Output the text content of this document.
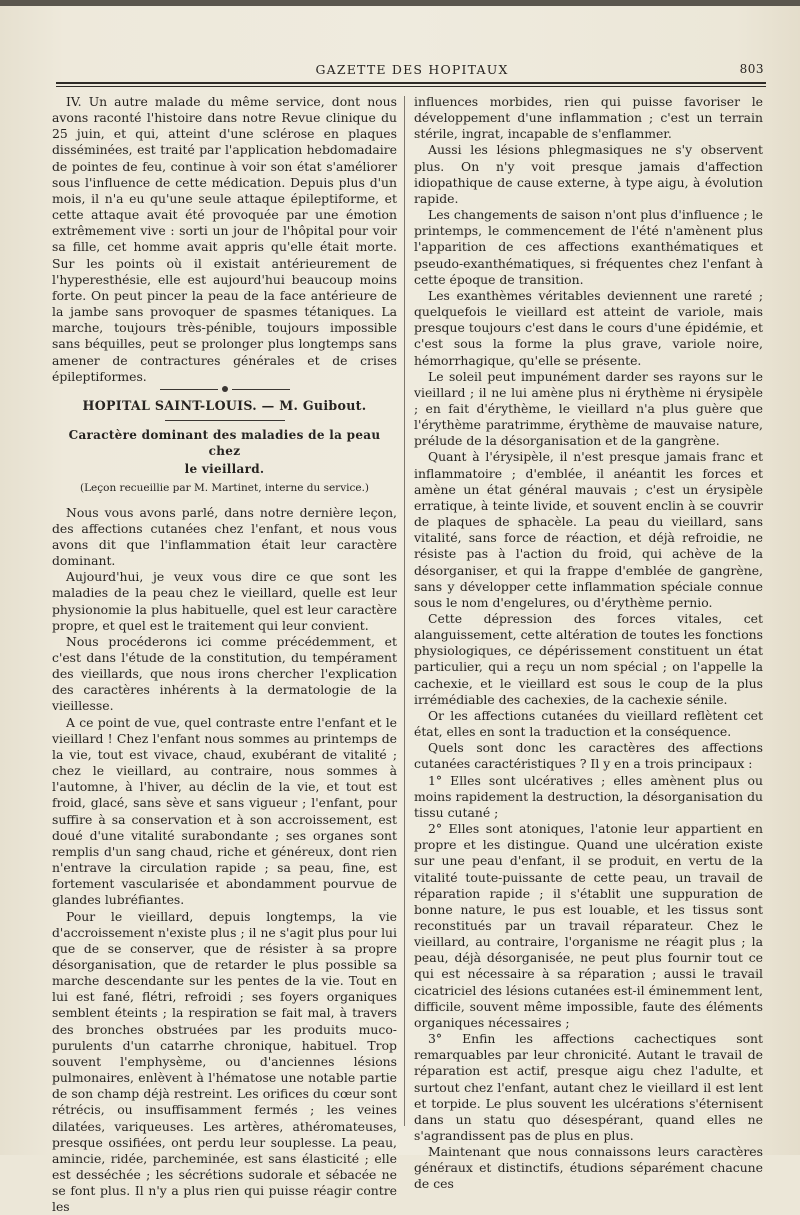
GAZETTE DES HOPITAUX	803

IV. Un autre malade du même service, dont nous avons raconté l'histoire dans notre Revue clinique du 25 juin, et qui, atteint d'une sclérose en plaques disséminées, est traité par l'application hebdomadaire de pointes de feu, continue à voir son état s'améliorer sous l'influence de cette médication. Depuis plus d'un mois, il n'a eu qu'une seule attaque épileptiforme, et cette attaque avait été provoquée par une émotion extrêmement vive : sorti un jour de l'hôpital pour voir sa fille, cet homme avait appris qu'elle était morte. Sur les points où il existait antérieurement de l'hyperesthésie, elle est aujourd'hui beaucoup moins forte. On peut pincer la peau de la face antérieure de la jambe sans provoquer de spasmes tétaniques. La marche, toujours très-pénible, toujours impossible sans béquilles, peut se prolonger plus longtemps sans amener de contractures générales et de crises épileptiformes.

HOPITAL SAINT-LOUIS. — M. Guibout.
Caractère dominant des maladies de la peau chez
le vieillard.
(Leçon recueillie par M. Martinet, interne du service.)

Nous vous avons parlé, dans notre dernière leçon, des affections cutanées chez l'enfant, et nous vous avons dit que l'inflammation était leur caractère dominant.

Aujourd'hui, je veux vous dire ce que sont les maladies de la peau chez le vieillard, quelle est leur physionomie la plus habituelle, quel est leur caractère propre, et quel est le traitement qui leur convient.

Nous procéderons ici comme précédemment, et c'est dans l'étude de la constitution, du tempérament des vieillards, que nous irons chercher l'explication des caractères inhérents à la dermatologie de la vieillesse.

A ce point de vue, quel contraste entre l'enfant et le vieillard ! Chez l'enfant nous sommes au printemps de la vie, tout est vivace, chaud, exubérant de vitalité ; chez le vieillard, au contraire, nous sommes à l'automne, à l'hiver, au déclin de la vie, et tout est froid, glacé, sans sève et sans vigueur ; l'enfant, pour suffire à sa conservation et à son accroissement, est doué d'une vitalité surabondante ; ses organes sont remplis d'un sang chaud, riche et généreux, dont rien n'entrave la circulation rapide ; sa peau, fine, est fortement vascularisée et abondamment pourvue de glandes lubréfiantes.

Pour le vieillard, depuis longtemps, la vie d'accroissement n'existe plus ; il ne s'agit plus pour lui que de se conserver, que de résister à sa propre désorganisation, que de retarder le plus possible sa marche descendante sur les pentes de la vie. Tout en lui est fané, flétri, refroidi ; ses foyers organiques semblent éteints ; la respiration se fait mal, à travers des bronches obstruées par les produits muco-purulents d'un catarrhe chronique, habituel. Trop souvent l'emphysème, ou d'anciennes lésions pulmonaires, enlèvent à l'hématose une notable partie de son champ déjà restreint. Les orifices du cœur sont rétrécis, ou insuffisamment fermés ; les veines dilatées, variqueuses. Les artères, athéromateuses, presque ossifiées, ont perdu leur souplesse. La peau, amincie, ridée, parcheminée, est sans élasticité ; elle est desséchée ; les sécrétions sudorale et sébacée ne se font plus. Il n'y a plus rien qui puisse réagir contre les

influences morbides, rien qui puisse favoriser le développement d'une inflammation ; c'est un terrain stérile, ingrat, incapable de s'enflammer.

Aussi les lésions phlegmasiques ne s'y observent plus. On n'y voit presque jamais d'affection idiopathique de cause externe, à type aigu, à évolution rapide.

Les changements de saison n'ont plus d'influence ; le printemps, le commencement de l'été n'amènent plus l'apparition de ces affections exanthématiques et pseudo-exanthématiques, si fréquentes chez l'enfant à cette époque de transition.

Les exanthèmes véritables deviennent une rareté ; quelquefois le vieillard est atteint de variole, mais presque toujours c'est dans le cours d'une épidémie, et c'est sous la forme la plus grave, variole noire, hémorrhagique, qu'elle se présente.

Le soleil peut impunément darder ses rayons sur le vieillard ; il ne lui amène plus ni érythème ni érysipèle ; en fait d'érythème, le vieillard n'a plus guère que l'érythème paratrimme, érythème de mauvaise nature, prélude de la désorganisation et de la gangrène.

Quant à l'érysipèle, il n'est presque jamais franc et inflammatoire ; d'emblée, il anéantit les forces et amène un état général mauvais ; c'est un érysipèle erratique, à teinte livide, et souvent enclin à se couvrir de plaques de sphacèle. La peau du vieillard, sans vitalité, sans force de réaction, et déjà refroidie, ne résiste pas à l'action du froid, qui achève de la désorganiser, et qui la frappe d'emblée de gangrène, sans y développer cette inflammation spéciale connue sous le nom d'engelures, ou d'érythème pernio.

Cette dépression des forces vitales, cet alanguissement, cette altération de toutes les fonctions physiologiques, ce dépérissement constituent un état particulier, qui a reçu un nom spécial ; on l'appelle la cachexie, et le vieillard est sous le coup de la plus irrémédiable des cachexies, de la cachexie sénile.

Or les affections cutanées du vieillard reflètent cet état, elles en sont la traduction et la conséquence.

Quels sont donc les caractères des affections cutanées caractéristiques ? Il y en a trois principaux :

1° Elles sont ulcératives ; elles amènent plus ou moins rapidement la destruction, la désorganisation du tissu cutané ;

2° Elles sont atoniques, l'atonie leur appartient en propre et les distingue. Quand une ulcération existe sur une peau d'enfant, il se produit, en vertu de la vitalité toute-puissante de cette peau, un travail de réparation rapide ; il s'établit une suppuration de bonne nature, le pus est louable, et les tissus sont reconstitués par un travail réparateur. Chez le vieillard, au contraire, l'organisme ne réagit plus ; la peau, déjà désorganisée, ne peut plus fournir tout ce qui est nécessaire à sa réparation ; aussi le travail cicatriciel des lésions cutanées est-il éminemment lent, difficile, souvent même impossible, faute des éléments organiques nécessaires ;

3° Enfin les affections cachectiques sont remarquables par leur chronicité. Autant le travail de réparation est actif, presque aigu chez l'adulte, et surtout chez l'enfant, autant chez le vieillard il est lent et torpide. Le plus souvent les ulcérations s'éternisent dans un statu quo désespérant, quand elles ne s'agrandissent pas de plus en plus.

Maintenant que nous connaissons leurs caractères généraux et distinctifs, étudions séparément chacune de ces
